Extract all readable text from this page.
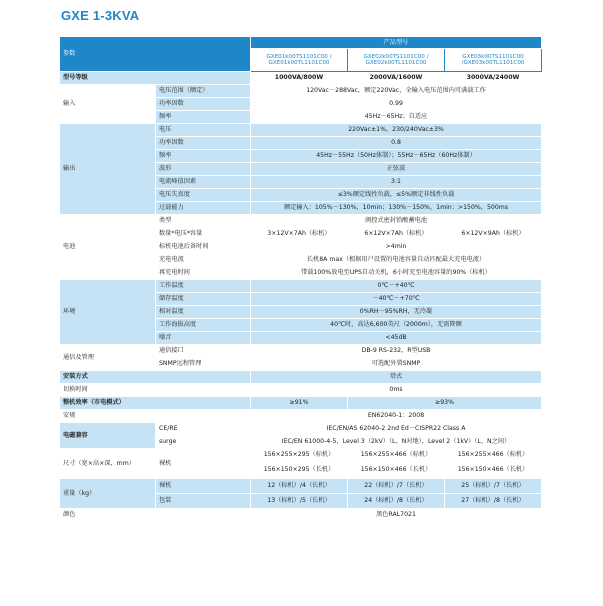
GXE 1-3KVA
参数		产品型号		
		GXE01k00TS1101C00 / GXE01k00TL1101C00	GXE02k00TS1101C00 / GXE02k00TL1101C00	GXE03k00TS1101C00 /GXE03k00TL1101C00
型号等级		1000VA/800W	2000VA/1600W	3000VA/2400W
输入	电压范围（额定）	120Vac－288Vac，额定220Vac，全输入电压范围内可满载工作		
	功率因数	0.99		
	频率	45Hz－65Hz；自适应		
输出	电压	220Vac±1%，230/240Vac±3%		
	功率因数	0.8		
	频率	45Hz－55Hz（50Hz体制）；55Hz－65Hz（60Hz体制）		
	波形	正弦波		
	电流峰值因素	3:1		
	电压失真度	≤3%额定线性负载，≤5%额定非线性负载		
	过载能力	额定输入：105%－130%，10min；130%－150%，1min；>150%，500ms		
电池	类型	阀控式密封铅酸蓄电池		
	数量*电压*容量	3×12V×7Ah（标机）	6×12V×7Ah（标机）	6×12V×9Ah（标机）
	标机电池后备时间	>4min		
	充电电流	长机8A max（根据用户设置的电池容量自动匹配最大充电电流）		
	再充电时间	带载100%放电至UPS自动关机，6小时充至电池容量的90%（标机）		
环境	工作温度	0℃－+40℃		
	储存温度	－40℃－+70℃		
	相对温度	0%RH－95%RH，无冷凝		
	工作海拔高度	40℃时，高达6,600英尺（2000m），无需降额		
	噪音	<45dB		
通信及管理	通信接口	DB-9 RS-232，R型USB		
	SNMP远程管理	可选配外置SNMP		
安装方式		塔式		
切换时间		0ms		
整机效率（市电模式）		≥91%	≥93%	
安规		EN62040-1：2008		
电磁兼容	CE/RE	IEC/EN/AS 62040-2 2nd Ed－CISPR22 Class A		
	surge	IEC/EN 61000-4-5，Level 3（2kV）（L、N对地），Level 2（1kV）（L、N之间）		
尺寸（宽×高×深，mm）	裸机	156×255×295（标机）	156×255×466（标机）	156×255×466（标机）
		156×150×295（长机）	156×150×466（长机）	156×150×466（长机）
重量（kg）	裸机	12（标机）/4（长机）	22（标机）/7（长机）	25（标机）/7（长机）
	包装	13（标机）/5（长机）	24（标机）/8（长机）	27（标机）/8（长机）
颜色		黑色RAL7021		
